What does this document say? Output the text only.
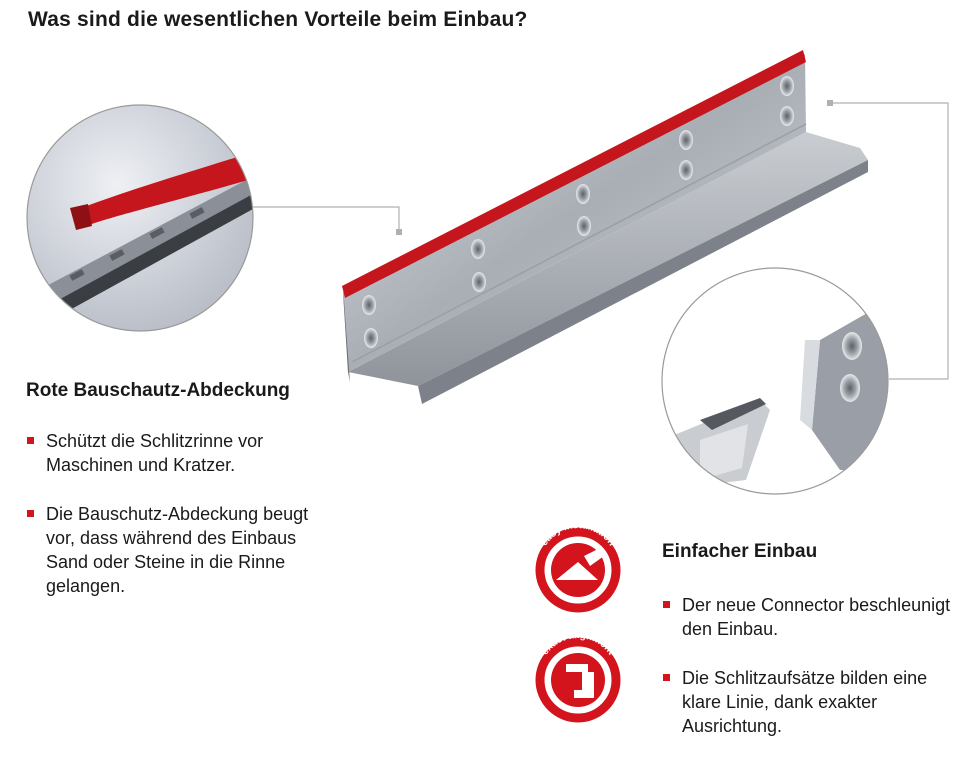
Was sind die wesentlichen Vorteile beim Einbau?
easy installation
exact alignment
Rote Bauschautz-Abdeckung
Schützt die Schlitzrinne vor Maschinen und Kratzer.
Die Bauschutz-Abdeckung beugt vor, dass während des Einbaus Sand oder Steine in die Rinne gelangen.
Einfacher Einbau
Der neue Connector beschleunigt den Einbau.
Die Schlitzaufsätze bilden eine klare Linie, dank exakter Ausrichtung.
